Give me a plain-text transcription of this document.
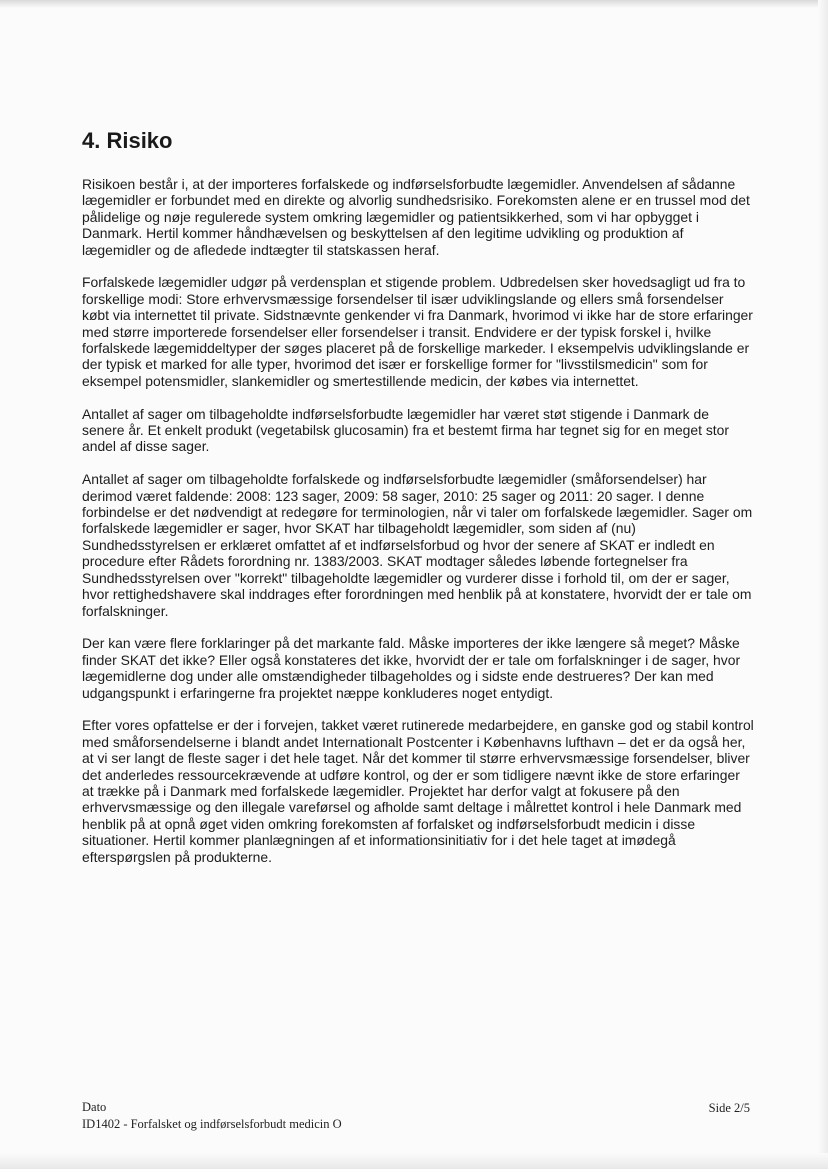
4. Risiko

Risikoen består i, at der importeres forfalskede og indførselsforbudte lægemidler. Anvendelsen af sådanne lægemidler er forbundet med en direkte og alvorlig sundhedsrisiko. Forekomsten alene er en trussel mod det pålidelige og nøje regulerede system omkring lægemidler og patientsikkerhed, som vi har opbygget i Danmark. Hertil kommer håndhævelsen og beskyttelsen af den legitime udvikling og produktion af lægemidler og de afledede indtægter til statskassen heraf.

Forfalskede lægemidler udgør på verdensplan et stigende problem. Udbredelsen sker hovedsagligt ud fra to forskellige modi: Store erhvervsmæssige forsendelser til især udviklingslande og ellers små forsendelser købt via internettet til private. Sidstnævnte genkender vi fra Danmark, hvorimod vi ikke har de store erfaringer med større importerede forsendelser eller forsendelser i transit. Endvidere er der typisk forskel i, hvilke forfalskede lægemiddeltyper der søges placeret på de forskellige markeder. I eksempelvis udviklingslande er der typisk et marked for alle typer, hvorimod det især er forskellige former for "livsstilsmedicin" som for eksempel potensmidler, slankemidler og smertestillende medicin, der købes via internettet.

Antallet af sager om tilbageholdte indførselsforbudte lægemidler har været støt stigende i Danmark de senere år. Et enkelt produkt (vegetabilsk glucosamin) fra et bestemt firma har tegnet sig for en meget stor andel af disse sager.

Antallet af sager om tilbageholdte forfalskede og indførselsforbudte lægemidler (småforsendelser) har derimod været faldende: 2008: 123 sager, 2009: 58 sager, 2010: 25 sager og 2011: 20 sager. I denne forbindelse er det nødvendigt at redegøre for terminologien, når vi taler om forfalskede lægemidler. Sager om forfalskede lægemidler er sager, hvor SKAT har tilbageholdt lægemidler, som siden af (nu) Sundhedsstyrelsen er erklæret omfattet af et indførselsforbud og hvor der senere af SKAT er indledt en procedure efter Rådets forordning nr. 1383/2003. SKAT modtager således løbende fortegnelser fra Sundhedsstyrelsen over "korrekt" tilbageholdte lægemidler og vurderer disse i forhold til, om der er sager, hvor rettighedshavere skal inddrages efter forordningen med henblik på at konstatere, hvorvidt der er tale om forfalskninger.

Der kan være flere forklaringer på det markante fald. Måske importeres der ikke længere så meget? Måske finder SKAT det ikke? Eller også konstateres det ikke, hvorvidt der er tale om forfalskninger i de sager, hvor lægemidlerne dog under alle omstændigheder tilbageholdes og i sidste ende destrueres? Der kan med udgangspunkt i erfaringerne fra projektet næppe konkluderes noget entydigt.

Efter vores opfattelse er der i forvejen, takket været rutinerede medarbejdere, en ganske god og stabil kontrol med småforsendelserne i blandt andet Internationalt Postcenter i Københavns lufthavn – det er da også her, at vi ser langt de fleste sager i det hele taget. Når det kommer til større erhvervsmæssige forsendelser, bliver det anderledes ressourcekrævende at udføre kontrol, og der er som tidligere nævnt ikke de store erfaringer at trække på i Danmark med forfalskede lægemidler. Projektet har derfor valgt at fokusere på den erhvervsmæssige og den illegale vareførsel og afholde samt deltage i målrettet kontrol i hele Danmark med henblik på at opnå øget viden omkring forekomsten af forfalsket og indførselsforbudt medicin i disse situationer. Hertil kommer planlægningen af et informationsinitiativ for i det hele taget at imødegå efterspørgslen på produkterne.

Dato
ID1402 - Forfalsket og indførselsforbudt medicin O
Side 2/5
